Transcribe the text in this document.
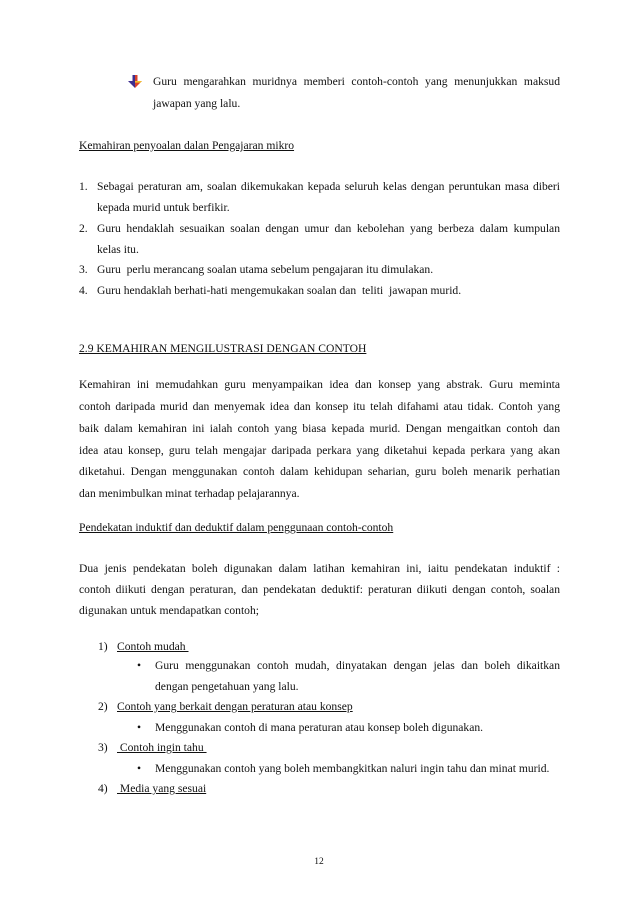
Guru mengarahkan muridnya memberi contoh-contoh yang menunjukkan maksud
jawapan yang lalu.
Kemahiran penyoalan dalan Pengajaran mikro
1. Sebagai peraturan am, soalan dikemukakan kepada seluruh kelas dengan peruntukan masa diberi
kepada murid untuk berfikir.
2. Guru hendaklah sesuaikan soalan dengan umur dan kebolehan yang berbeza dalam kumpulan
kelas itu.
3. Guru  perlu merancang soalan utama sebelum pengajaran itu dimulakan.
4. Guru hendaklah berhati-hati mengemukakan soalan dan  teliti  jawapan murid.
2.9 KEMAHIRAN MENGILUSTRASI DENGAN CONTOH
Kemahiran ini memudahkan guru menyampaikan idea dan konsep yang abstrak. Guru meminta
contoh daripada murid dan menyemak idea dan konsep itu telah difahami atau tidak. Contoh yang
baik dalam kemahiran ini ialah contoh yang biasa kepada murid. Dengan mengaitkan contoh dan
idea atau konsep, guru telah mengajar daripada perkara yang diketahui kepada perkara yang akan
diketahui. Dengan menggunakan contoh dalam kehidupan seharian, guru boleh menarik perhatian
dan menimbulkan minat terhadap pelajarannya.
Pendekatan induktif dan deduktif dalam penggunaan contoh-contoh
Dua jenis pendekatan boleh digunakan dalam latihan kemahiran ini, iaitu pendekatan induktif :
contoh diikuti dengan peraturan, dan pendekatan deduktif: peraturan diikuti dengan contoh, soalan
digunakan untuk mendapatkan contoh;
1) Contoh mudah
• Guru menggunakan contoh mudah, dinyatakan dengan jelas dan boleh dikaitkan
dengan pengetahuan yang lalu.
2) Contoh yang berkait dengan peraturan atau konsep
• Menggunakan contoh di mana peraturan atau konsep boleh digunakan.
3) Contoh ingin tahu
• Menggunakan contoh yang boleh membangkitkan naluri ingin tahu dan minat murid.
4) Media yang sesuai
12
